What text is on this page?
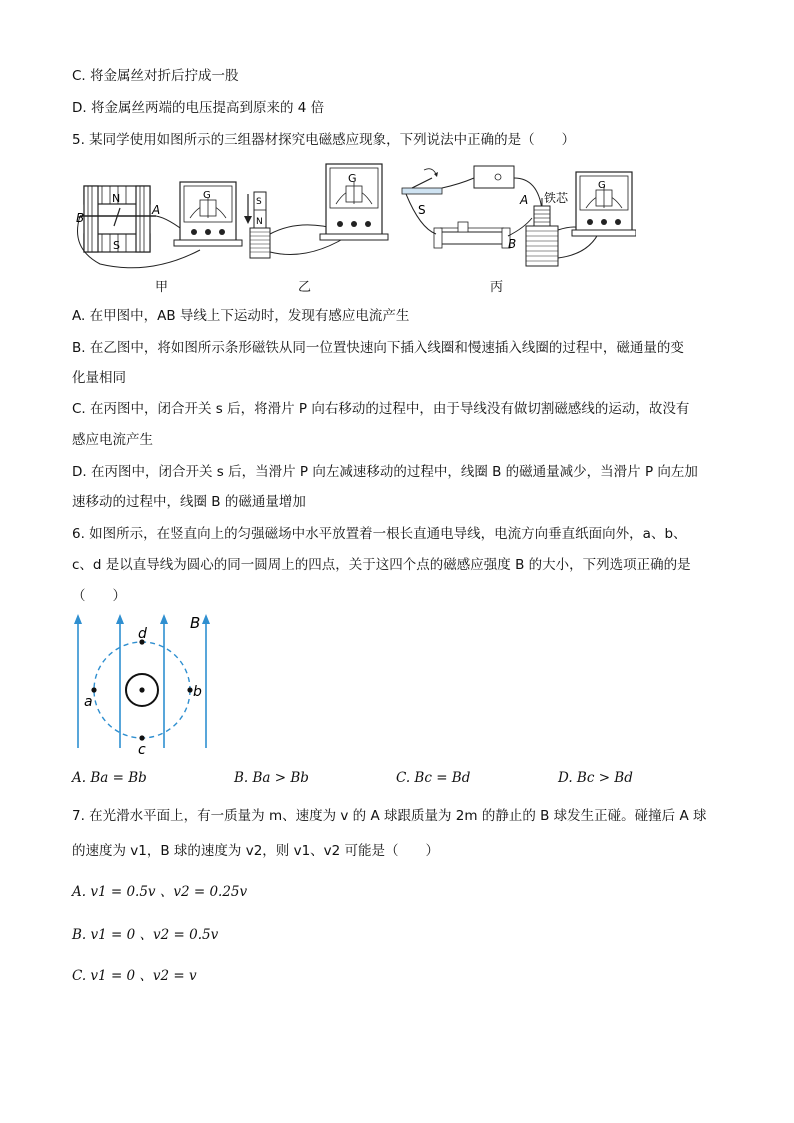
C. 将金属丝对折后拧成一股
D. 将金属丝两端的电压提高到原来的 4 倍
5. 某同学使用如图所示的三组器材探究电磁感应现象，下列说法中正确的是（　　）
B
A
N
S
G
甲
S
N
G
乙
S
G
A
B
铁芯
丙
A. 在甲图中，AB 导线上下运动时，发现有感应电流产生
B. 在乙图中，将如图所示条形磁铁从同一位置快速向下插入线圈和慢速插入线圈的过程中，磁通量的变
化量相同
C. 在丙图中，闭合开关 s 后，将滑片 P 向右移动的过程中，由于导线没有做切割磁感线的运动，故没有
感应电流产生
D. 在丙图中，闭合开关 s 后，当滑片 P 向左减速移动的过程中，线圈 B 的磁通量减少，当滑片 P 向左加
速移动的过程中，线圈 B 的磁通量增加
6. 如图所示，在竖直向上的匀强磁场中水平放置着一根长直通电导线，电流方向垂直纸面向外，a、b、
c、d 是以直导线为圆心的同一圆周上的四点，关于这四个点的磁感应强度 B 的大小，下列选项正确的是
（　　）
B
a
b
c
d
A. Ba = Bb	B. Ba > Bb	C. Bc = Bd	D. Bc > Bd
7. 在光滑水平面上，有一质量为 m、速度为 v 的 A 球跟质量为 2m 的静止的 B 球发生正碰。碰撞后 A 球
的速度为 v1，B 球的速度为 v2，则 v1、v2 可能是（　　）
A. v1 = 0.5v 、v2 = 0.25v
B. v1 = 0 、v2 = 0.5v
C. v1 = 0 、v2 = v
